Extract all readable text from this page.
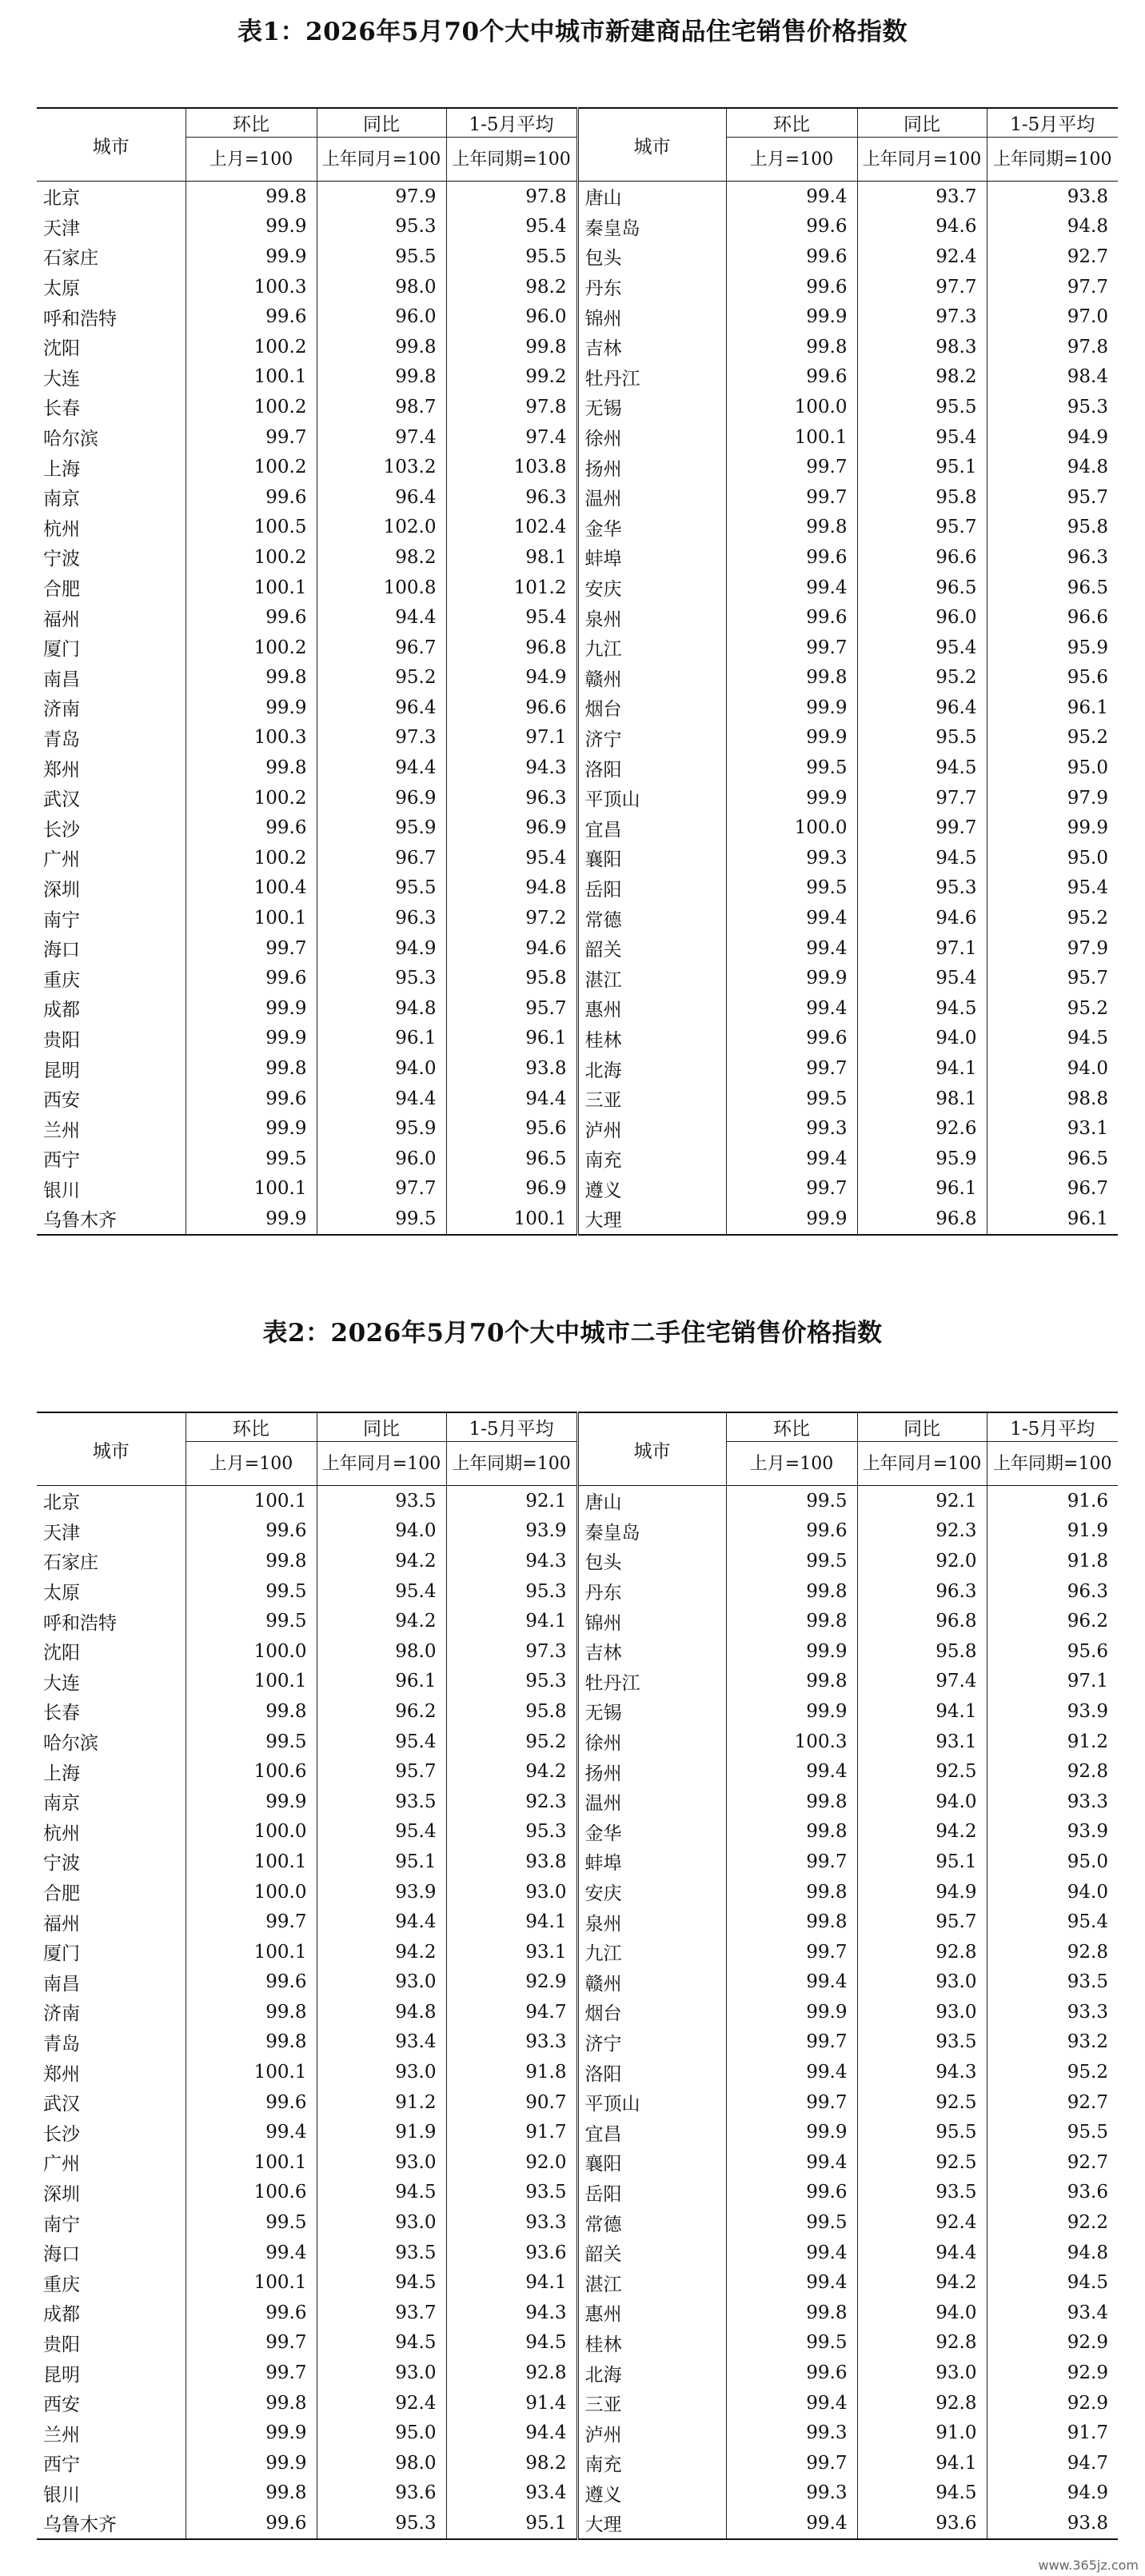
表1：2026年5月70个大中城市新建商品住宅销售价格指数
城市	环比	同比	1-5月平均	城市	环比	同比	1-5月平均
	上月=100	上年同月=100	上年同期=100		上月=100	上年同月=100	上年同期=100
北京	99.8	97.9	97.8	唐山	99.4	93.7	93.8
天津	99.9	95.3	95.4	秦皇岛	99.6	94.6	94.8
石家庄	99.9	95.5	95.5	包头	99.6	92.4	92.7
太原	100.3	98.0	98.2	丹东	99.6	97.7	97.7
呼和浩特	99.6	96.0	96.0	锦州	99.9	97.3	97.0
沈阳	100.2	99.8	99.8	吉林	99.8	98.3	97.8
大连	100.1	99.8	99.2	牡丹江	99.6	98.2	98.4
长春	100.2	98.7	97.8	无锡	100.0	95.5	95.3
哈尔滨	99.7	97.4	97.4	徐州	100.1	95.4	94.9
上海	100.2	103.2	103.8	扬州	99.7	95.1	94.8
南京	99.6	96.4	96.3	温州	99.7	95.8	95.7
杭州	100.5	102.0	102.4	金华	99.8	95.7	95.8
宁波	100.2	98.2	98.1	蚌埠	99.6	96.6	96.3
合肥	100.1	100.8	101.2	安庆	99.4	96.5	96.5
福州	99.6	94.4	95.4	泉州	99.6	96.0	96.6
厦门	100.2	96.7	96.8	九江	99.7	95.4	95.9
南昌	99.8	95.2	94.9	赣州	99.8	95.2	95.6
济南	99.9	96.4	96.6	烟台	99.9	96.4	96.1
青岛	100.3	97.3	97.1	济宁	99.9	95.5	95.2
郑州	99.8	94.4	94.3	洛阳	99.5	94.5	95.0
武汉	100.2	96.9	96.3	平顶山	99.9	97.7	97.9
长沙	99.6	95.9	96.9	宜昌	100.0	99.7	99.9
广州	100.2	96.7	95.4	襄阳	99.3	94.5	95.0
深圳	100.4	95.5	94.8	岳阳	99.5	95.3	95.4
南宁	100.1	96.3	97.2	常德	99.4	94.6	95.2
海口	99.7	94.9	94.6	韶关	99.4	97.1	97.9
重庆	99.6	95.3	95.8	湛江	99.9	95.4	95.7
成都	99.9	94.8	95.7	惠州	99.4	94.5	95.2
贵阳	99.9	96.1	96.1	桂林	99.6	94.0	94.5
昆明	99.8	94.0	93.8	北海	99.7	94.1	94.0
西安	99.6	94.4	94.4	三亚	99.5	98.1	98.8
兰州	99.9	95.9	95.6	泸州	99.3	92.6	93.1
西宁	99.5	96.0	96.5	南充	99.4	95.9	96.5
银川	100.1	97.7	96.9	遵义	99.7	96.1	96.7
乌鲁木齐	99.9	99.5	100.1	大理	99.9	96.8	96.1
表2：2026年5月70个大中城市二手住宅销售价格指数
城市	环比	同比	1-5月平均	城市	环比	同比	1-5月平均
	上月=100	上年同月=100	上年同期=100		上月=100	上年同月=100	上年同期=100
北京	100.1	93.5	92.1	唐山	99.5	92.1	91.6
天津	99.6	94.0	93.9	秦皇岛	99.6	92.3	91.9
石家庄	99.8	94.2	94.3	包头	99.5	92.0	91.8
太原	99.5	95.4	95.3	丹东	99.8	96.3	96.3
呼和浩特	99.5	94.2	94.1	锦州	99.8	96.8	96.2
沈阳	100.0	98.0	97.3	吉林	99.9	95.8	95.6
大连	100.1	96.1	95.3	牡丹江	99.8	97.4	97.1
长春	99.8	96.2	95.8	无锡	99.9	94.1	93.9
哈尔滨	99.5	95.4	95.2	徐州	100.3	93.1	91.2
上海	100.6	95.7	94.2	扬州	99.4	92.5	92.8
南京	99.9	93.5	92.3	温州	99.8	94.0	93.3
杭州	100.0	95.4	95.3	金华	99.8	94.2	93.9
宁波	100.1	95.1	93.8	蚌埠	99.7	95.1	95.0
合肥	100.0	93.9	93.0	安庆	99.8	94.9	94.0
福州	99.7	94.4	94.1	泉州	99.8	95.7	95.4
厦门	100.1	94.2	93.1	九江	99.7	92.8	92.8
南昌	99.6	93.0	92.9	赣州	99.4	93.0	93.5
济南	99.8	94.8	94.7	烟台	99.9	93.0	93.3
青岛	99.8	93.4	93.3	济宁	99.7	93.5	93.2
郑州	100.1	93.0	91.8	洛阳	99.4	94.3	95.2
武汉	99.6	91.2	90.7	平顶山	99.7	92.5	92.7
长沙	99.4	91.9	91.7	宜昌	99.9	95.5	95.5
广州	100.1	93.0	92.0	襄阳	99.4	92.5	92.7
深圳	100.6	94.5	93.5	岳阳	99.6	93.5	93.6
南宁	99.5	93.0	93.3	常德	99.5	92.4	92.2
海口	99.4	93.5	93.6	韶关	99.4	94.4	94.8
重庆	100.1	94.5	94.1	湛江	99.4	94.2	94.5
成都	99.6	93.7	94.3	惠州	99.8	94.0	93.4
贵阳	99.7	94.5	94.5	桂林	99.5	92.8	92.9
昆明	99.7	93.0	92.8	北海	99.6	93.0	92.9
西安	99.8	92.4	91.4	三亚	99.4	92.8	92.9
兰州	99.9	95.0	94.4	泸州	99.3	91.0	91.7
西宁	99.9	98.0	98.2	南充	99.7	94.1	94.7
银川	99.8	93.6	93.4	遵义	99.3	94.5	94.9
乌鲁木齐	99.6	95.3	95.1	大理	99.4	93.6	93.8
www.365jz.com
